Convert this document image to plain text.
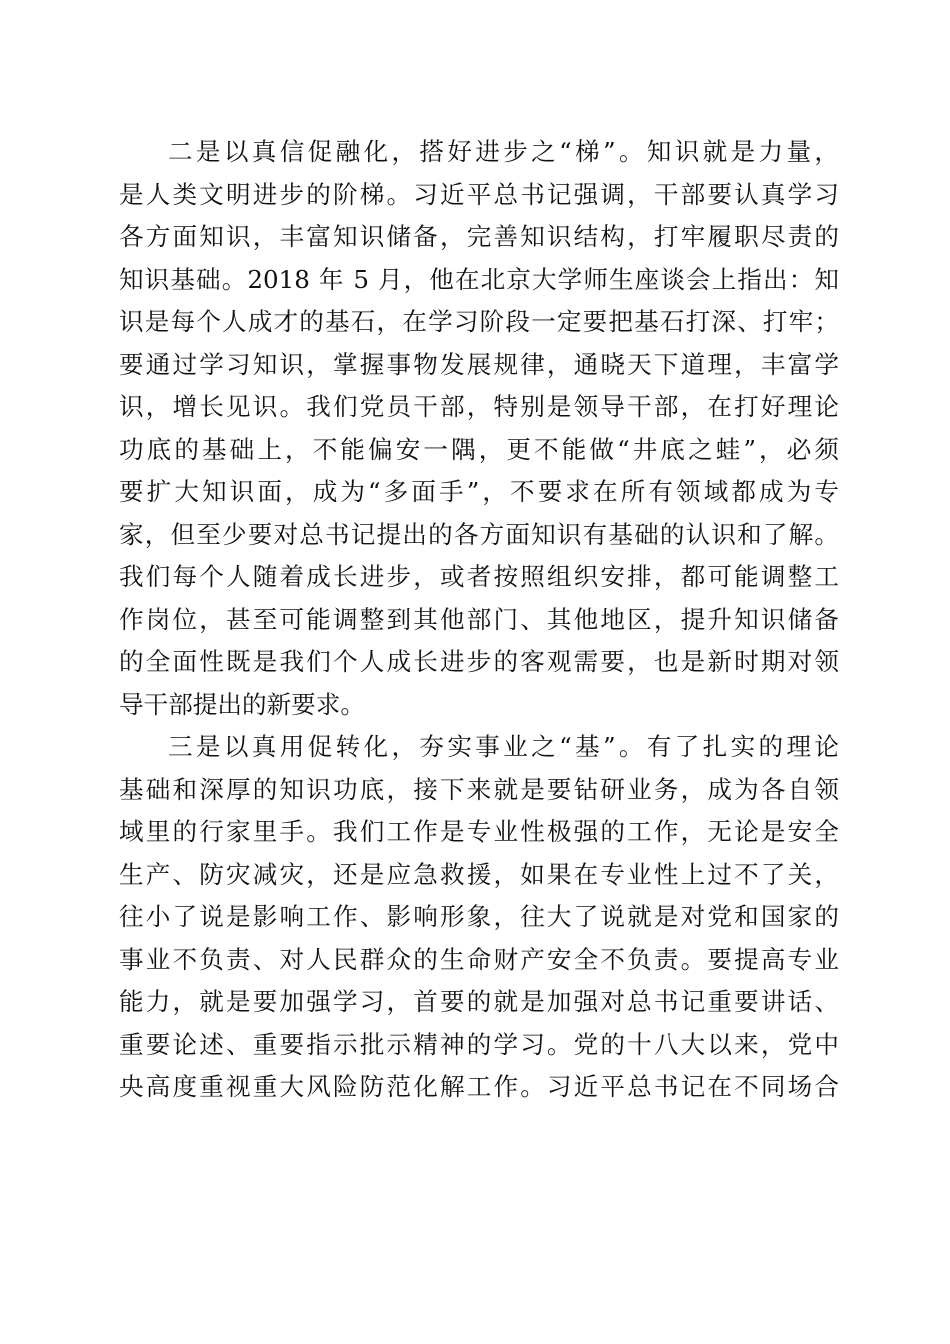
二是以真信促融化，搭好进步之“梯”。知识就是力量，
是人类文明进步的阶梯。习近平总书记强调，干部要认真学习
各方面知识，丰富知识储备，完善知识结构，打牢履职尽责的
知识基础。2018 年 5 月，他在北京大学师生座谈会上指出：知
识是每个人成才的基石，在学习阶段一定要把基石打深、打牢；
要通过学习知识，掌握事物发展规律，通晓天下道理，丰富学
识，增长见识。我们党员干部，特别是领导干部，在打好理论
功底的基础上，不能偏安一隅，更不能做“井底之蛙”，必须
要扩大知识面，成为“多面手”，不要求在所有领域都成为专
家，但至少要对总书记提出的各方面知识有基础的认识和了解。
我们每个人随着成长进步，或者按照组织安排，都可能调整工
作岗位，甚至可能调整到其他部门、其他地区，提升知识储备
的全面性既是我们个人成长进步的客观需要，也是新时期对领
导干部提出的新要求。
三是以真用促转化，夯实事业之“基”。有了扎实的理论
基础和深厚的知识功底，接下来就是要钻研业务，成为各自领
域里的行家里手。我们工作是专业性极强的工作，无论是安全
生产、防灾减灾，还是应急救援，如果在专业性上过不了关，
往小了说是影响工作、影响形象，往大了说就是对党和国家的
事业不负责、对人民群众的生命财产安全不负责。要提高专业
能力，就是要加强学习，首要的就是加强对总书记重要讲话、
重要论述、重要指示批示精神的学习。党的十八大以来，党中
央高度重视重大风险防范化解工作。习近平总书记在不同场合
